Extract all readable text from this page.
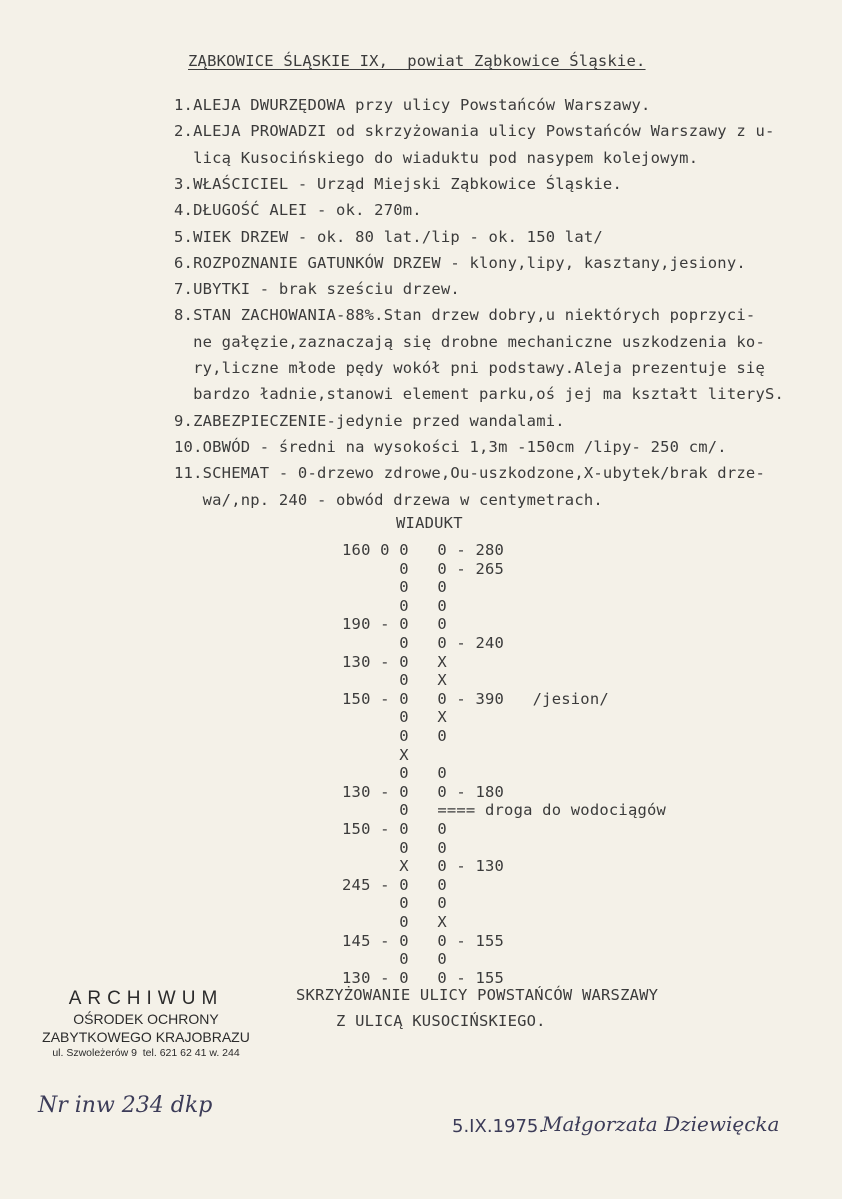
ZĄBKOWICE ŚLĄSKIE IX,  powiat Ząbkowice Śląskie.
1.ALEJA DWURZĘDOWA przy ulicy Powstańców Warszawy.
2.ALEJA PROWADZI od skrzyżowania ulicy Powstańców Warszawy z u-
licą Kusocińskiego do wiaduktu pod nasypem kolejowym.
3.WŁAŚCICIEL - Urząd Miejski Ząbkowice Śląskie.
4.DŁUGOŚĆ ALEI - ok. 270m.
5.WIEK DRZEW - ok. 80 lat./lip - ok. 150 lat/
6.ROZPOZNANIE GATUNKÓW DRZEW - klony,lipy, kasztany,jesiony.
7.UBYTKI - brak sześciu drzew.
8.STAN ZACHOWANIA-88%.Stan drzew dobry,u niektórych poprzyci-
ne gałęzie,zaznaczają się drobne mechaniczne uszkodzenia ko-
ry,liczne młode pędy wokół pni podstawy.Aleja prezentuje się
bardzo ładnie,stanowi element parku,oś jej ma kształt literyS.
9.ZABEZPIECZENIE-jedynie przed wandalami.
10.OBWÓD - średni na wysokości 1,3m -150cm /lipy- 250 cm/.
11.SCHEMAT - 0-drzewo zdrowe,Ou-uszkodzone,X-ubytek/brak drze-
wa/,np. 240 - obwód drzewa w centymetrach.
WIADUKT
160 0 0   0 - 280
0   0 - 265
0   0
0   0
190 - 0   0
0   0 - 240
130 - 0   X
0   X
150 - 0   0 - 390   /jesion/
0   X
0   0
X
0   0
130 - 0   0 - 180
0   ==== droga do wodociągów
150 - 0   0
0   0
X   0 - 130
245 - 0   0
0   0
0   X
145 - 0   0 - 155
0   0
130 - 0   0 - 155
SKRZYŻOWANIE ULICY POWSTAŃCÓW WARSZAWY
Z ULICĄ KUSOCIŃSKIEGO.
ARCHIWUM
OŚRODEK OCHRONY
ZABYTKOWEGO KRAJOBRAZU
ul. Szwoleżerów 9  tel. 621 62 41 w. 244
Nr inw 234 dkp
5.IX.1975.
Małgorzata Dziewięcka
